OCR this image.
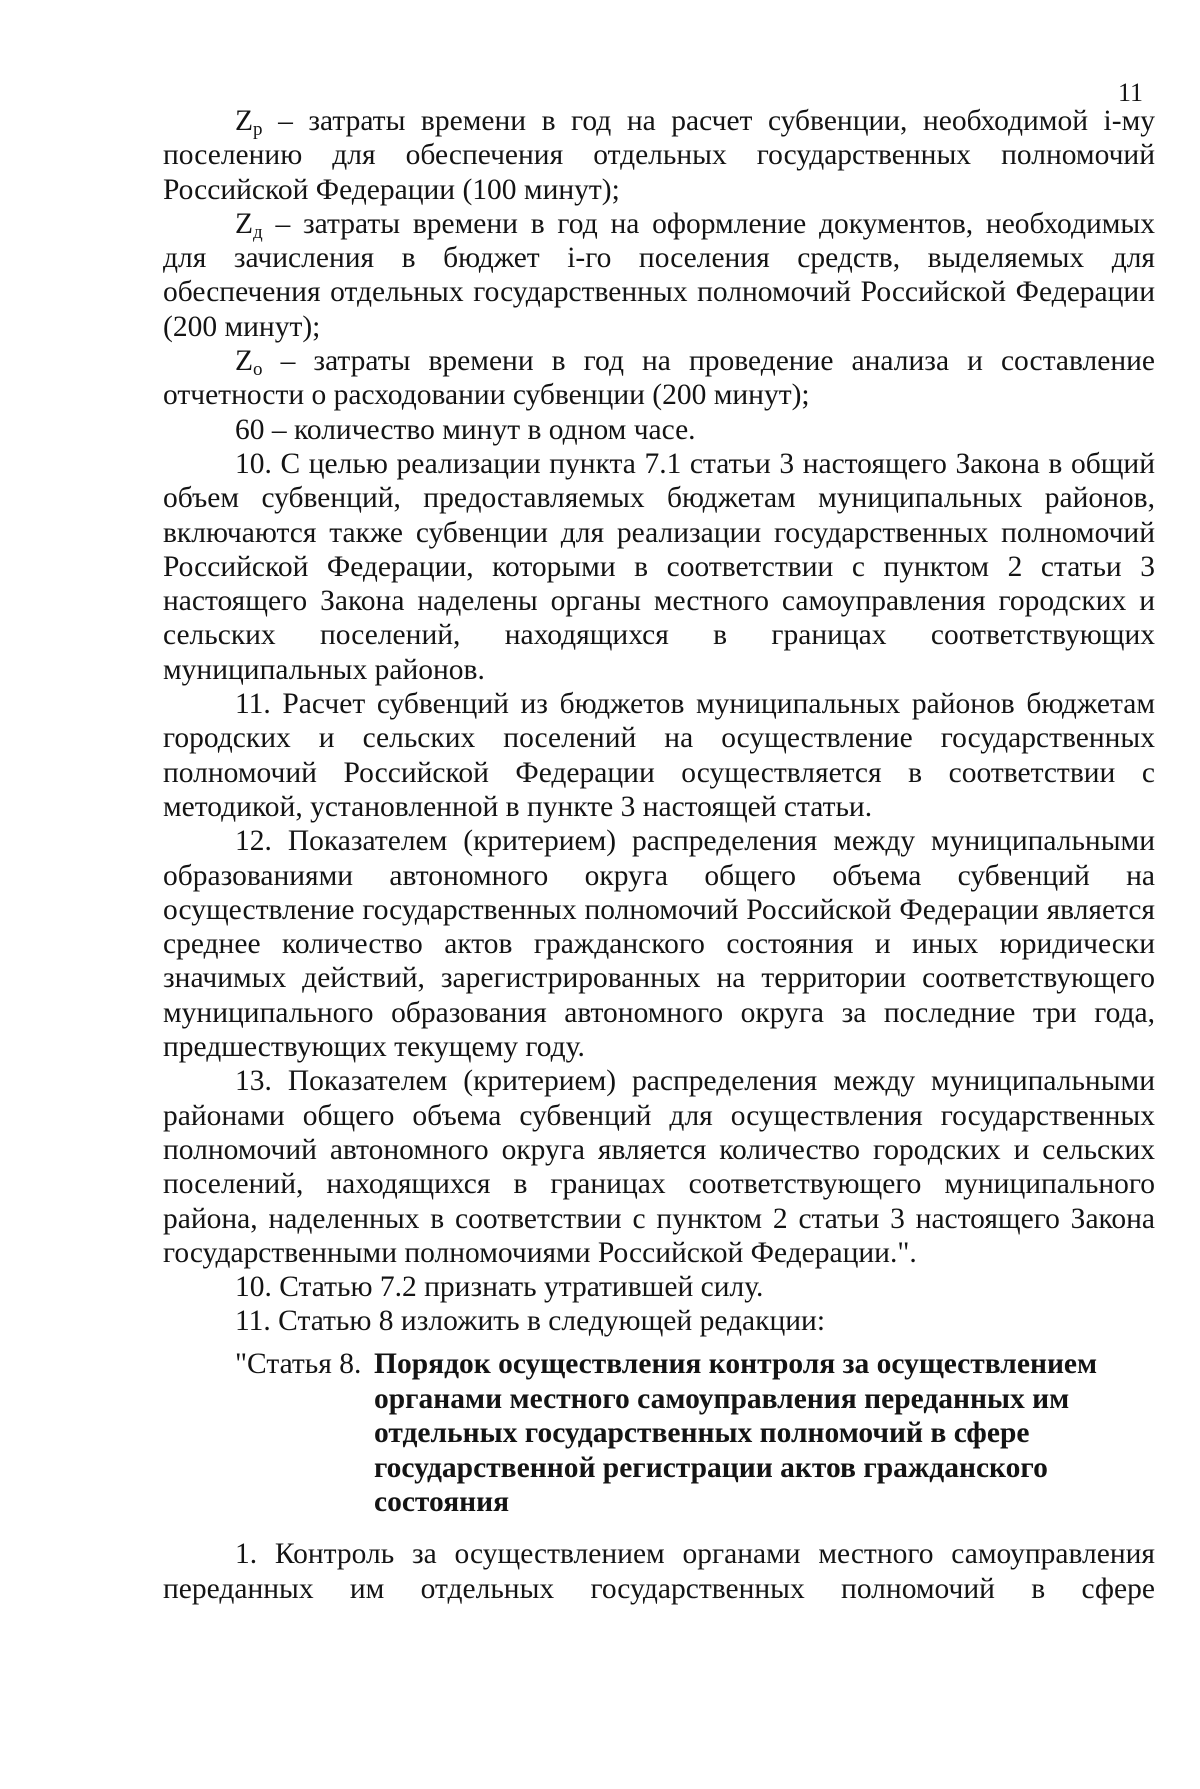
11

$Z_р$ – затраты времени в год на расчет субвенции, необходимой i-му поселению для обеспечения отдельных государственных полномочий Российской Федерации (100 минут);

$Z_д$ – затраты времени в год на оформление документов, необходимых для зачисления в бюджет i-го поселения средств, выделяемых для обеспечения отдельных государственных полномочий Российской Федерации (200 минут);

$Z_о$ – затраты времени в год на проведение анализа и составление отчетности о расходовании субвенции (200 минут);

60 – количество минут в одном часе.

10. С целью реализации пункта 7.1 статьи 3 настоящего Закона в общий объем субвенций, предоставляемых бюджетам муниципальных районов, включаются также субвенции для реализации государственных полномочий Российской Федерации, которыми в соответствии с пунктом 2 статьи 3 настоящего Закона наделены органы местного самоуправления городских и сельских поселений, находящихся в границах соответствующих муниципальных районов.

11. Расчет субвенций из бюджетов муниципальных районов бюджетам городских и сельских поселений на осуществление государственных полномочий Российской Федерации осуществляется в соответствии с методикой, установленной в пункте 3 настоящей статьи.

12. Показателем (критерием) распределения между муниципальными образованиями автономного округа общего объема субвенций на осуществление государственных полномочий Российской Федерации является среднее количество актов гражданского состояния и иных юридически значимых действий, зарегистрированных на территории соответствующего муниципального образования автономного округа за последние три года, предшествующих текущему году.

13. Показателем (критерием) распределения между муниципальными районами общего объема субвенций для осуществления государственных полномочий автономного округа является количество городских и сельских поселений, находящихся в границах соответствующего муниципального района, наделенных в соответствии с пунктом 2 статьи 3 настоящего Закона государственными полномочиями Российской Федерации.".

10. Статью 7.2 признать утратившей силу.

11. Статью 8 изложить в следующей редакции:

"Статья 8. Порядок осуществления контроля за осуществлением органами местного самоуправления переданных им отдельных государственных полномочий в сфере государственной регистрации актов гражданского состояния

1. Контроль за осуществлением органами местного самоуправления переданных им отдельных государственных полномочий в сфере
